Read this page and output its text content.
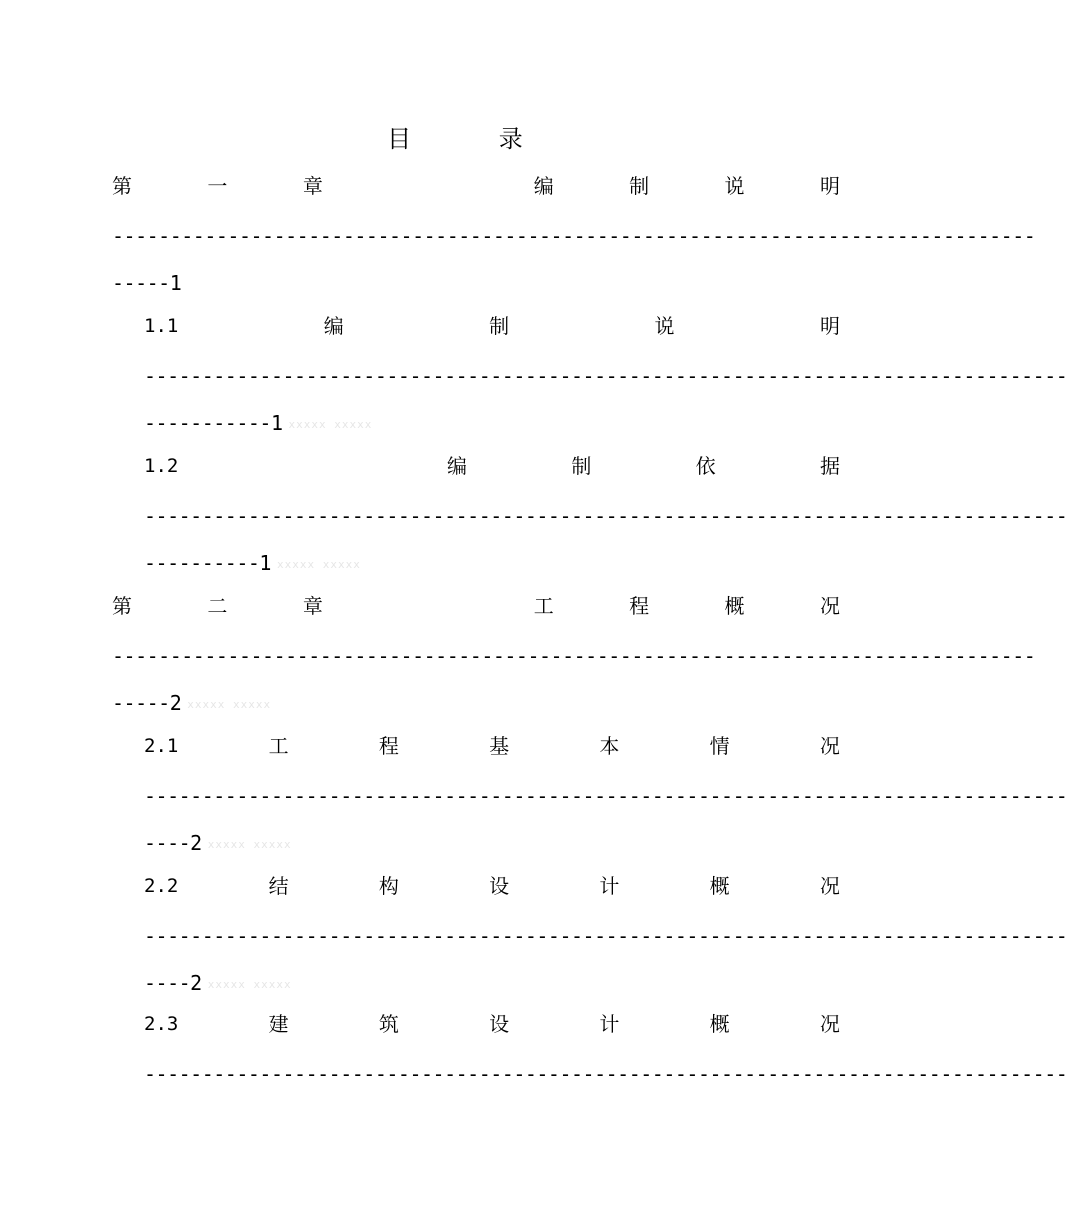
目 录
第	一	章	编	制	说	明
--------------------------------------------------------------------------------
-----1
1.1	编	制	说	明
--------------------------------------------------------------------------------
-----------1 xxxxx xxxxx
1.2	编	制	依	据
--------------------------------------------------------------------------------
----------1 xxxxx xxxxx
第	二	章	工	程	概	况
--------------------------------------------------------------------------------
-----2 xxxxx xxxxx
2.1	工	程	基	本	情	况
--------------------------------------------------------------------------------
----2 xxxxx xxxxx
2.2	结	构	设	计	概	况
--------------------------------------------------------------------------------
----2 xxxxx xxxxx
2.3	建	筑	设	计	概	况
--------------------------------------------------------------------------------
